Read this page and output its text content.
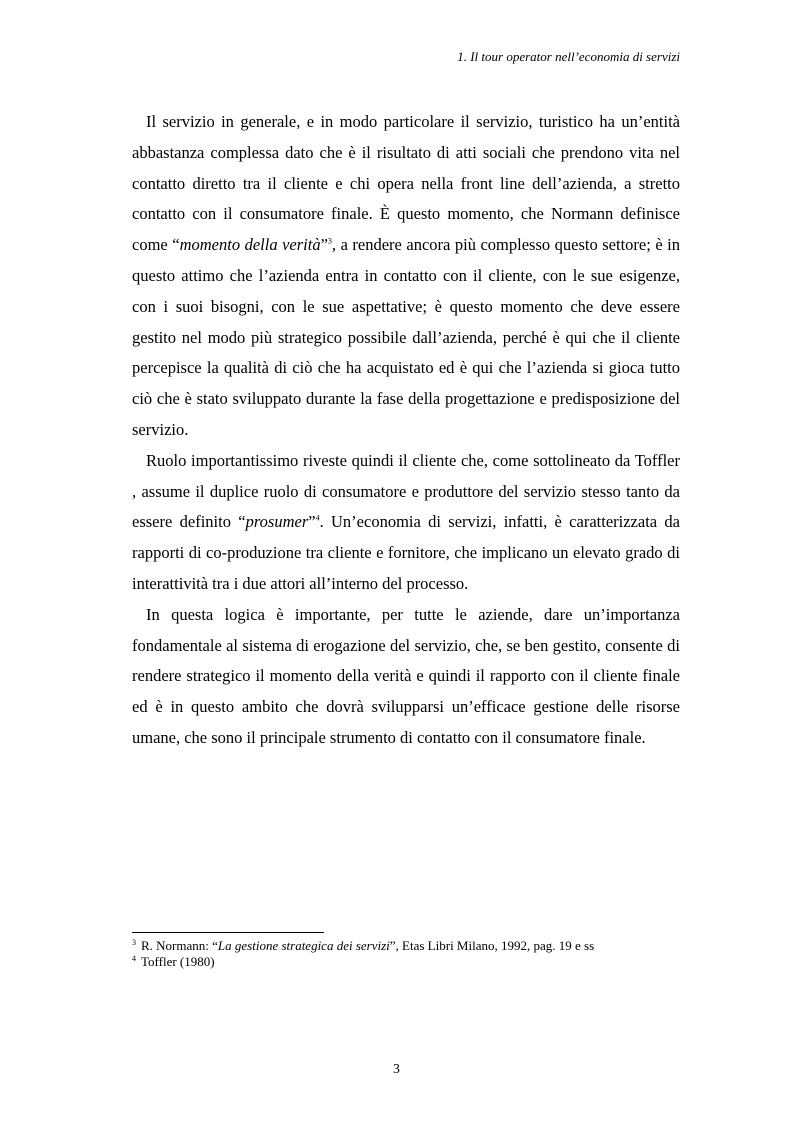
1. Il tour operator nell’economia di servizi

Il servizio in generale, e in modo particolare il servizio, turistico ha un’entità abbastanza complessa dato che è il risultato di atti sociali che prendono vita nel contatto diretto tra il cliente e chi opera nella front line dell’azienda, a stretto contatto con il consumatore finale. È questo momento, che Normann definisce come “momento della verità”$^3$, a rendere ancora più complesso questo settore; è in questo attimo che l’azienda entra in contatto con il cliente, con le sue esigenze, con i suoi bisogni, con le sue aspettative; è questo momento che deve essere gestito nel modo più strategico possibile dall’azienda, perché è qui che il cliente percepisce la qualità di ciò che ha acquistato ed è qui che l’azienda si gioca tutto ciò che è stato sviluppato durante la fase della progettazione e predisposizione del servizio.

Ruolo importantissimo riveste quindi il cliente che, come sottolineato da Toffler , assume il duplice ruolo di consumatore e produttore del servizio stesso tanto da essere definito “prosumer”$^4$. Un’economia di servizi, infatti, è caratterizzata da rapporti di co-produzione tra cliente e fornitore, che implicano un elevato grado di interattività tra i due attori all’interno del processo.

In questa logica è importante, per tutte le aziende, dare un’importanza fondamentale al sistema di erogazione del servizio, che, se ben gestito, consente di rendere strategico il momento della verità e quindi il rapporto con il cliente finale ed è in questo ambito che dovrà svilupparsi un’efficace gestione delle risorse umane, che sono il principale strumento di contatto con il consumatore finale.

$^3$ R. Normann: “La gestione strategica dei servizi”, Etas Libri Milano, 1992, pag. 19 e ss

$^4$ Toffler (1980)

3
